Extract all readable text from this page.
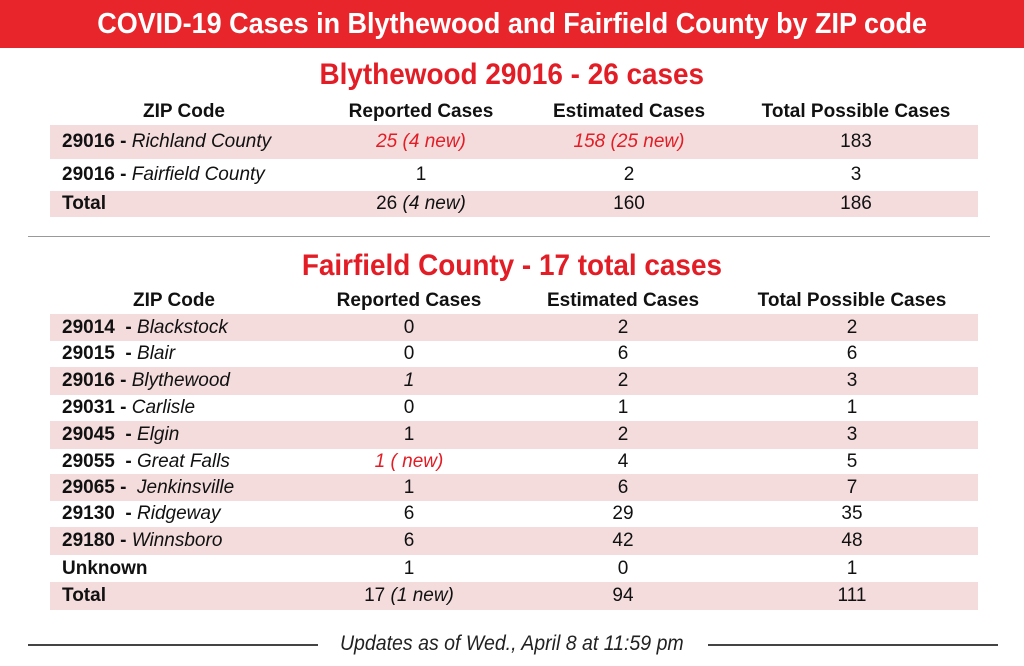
COVID-19 Cases in Blythewood and Fairfield County by ZIP code
Blythewood 29016 - 26 cases
ZIP Code	Reported Cases	Estimated Cases	Total Possible Cases
29016 - Richland County	25 (4 new)	158 (25 new)	183
29016 - Fairfield County	1	2	3
Total	26 (4 new)	160	186
Fairfield County - 17 total cases
ZIP Code	Reported Cases	Estimated Cases	Total Possible Cases
29014  - Blackstock	0	2	2
29015  - Blair	0	6	6
29016 - Blythewood	1	2	3
29031 - Carlisle	0	1	1
29045  - Elgin	1	2	3
29055  - Great Falls	1 ( new)	4	5
29065 -  Jenkinsville	1	6	7
29130  - Ridgeway	6	29	35
29180 - Winnsboro	6	42	48
Unknown	1	0	1
Total	17 (1 new)	94	111
Updates as of Wed., April 8 at 11:59 pm
